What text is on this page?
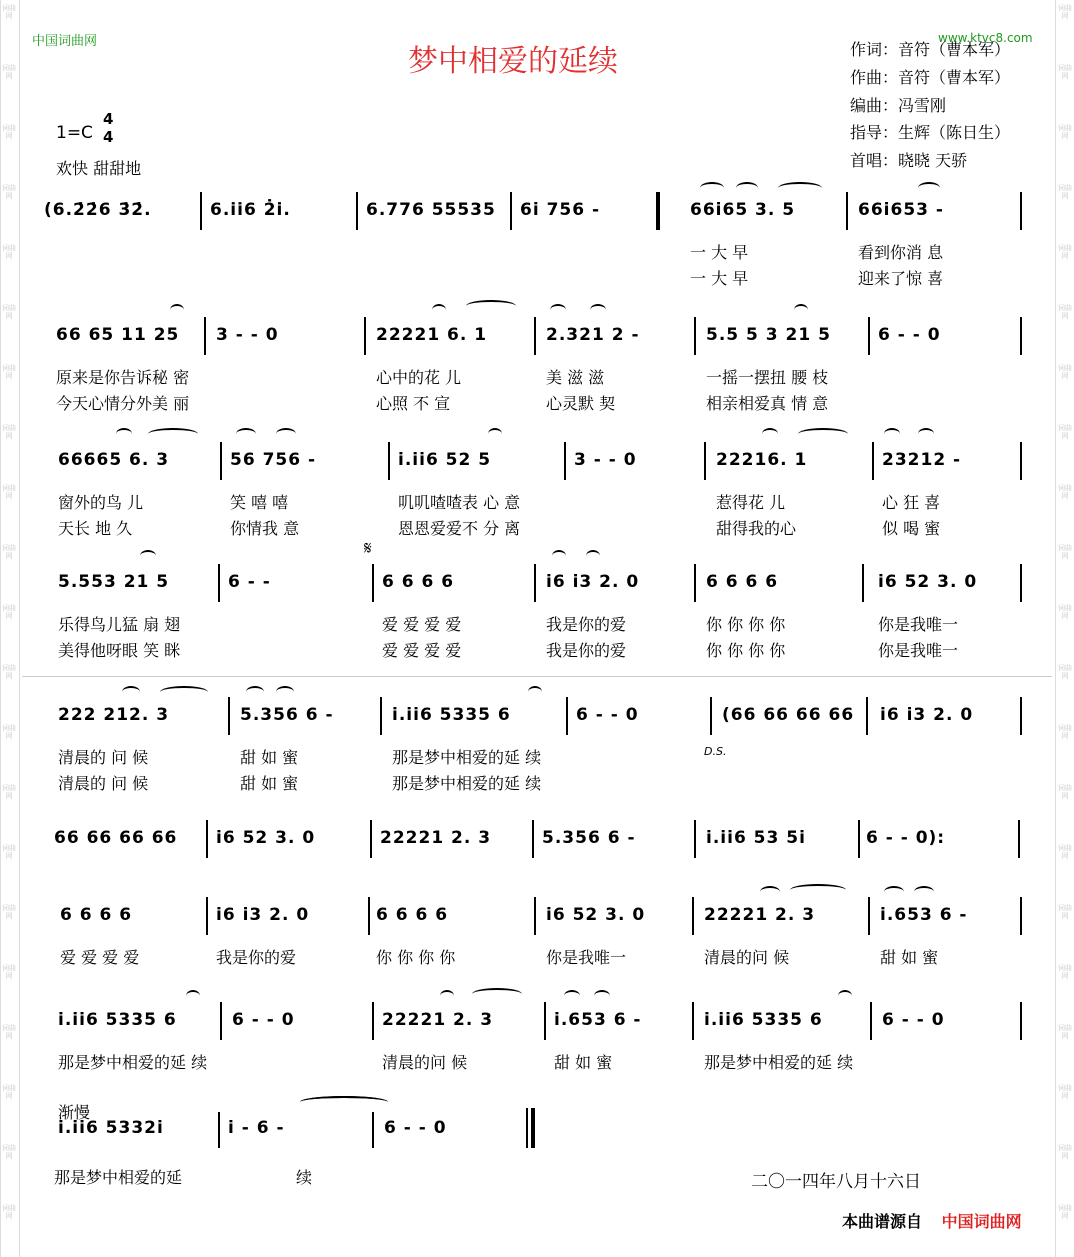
词曲网
词曲网
词曲网
词曲网
词曲网
词曲网
词曲网
词曲网
词曲网
词曲网
词曲网
词曲网
词曲网
词曲网
词曲网
词曲网
词曲网
词曲网
词曲网
词曲网
词曲网
词曲网
词曲网
词曲网
词曲网
词曲网
词曲网
词曲网
词曲网
词曲网
词曲网
词曲网
词曲网
词曲网
词曲网
词曲网
词曲网
词曲网
词曲网
词曲网
词曲网
词曲网
中国词曲网	www.ktvc8.com
梦中相爱的延续	作词：音符（曹本军）
作曲：音符（曹本军）
编曲：冯雪刚
指导：生辉（陈日生）
首唱：晓晓 天骄
1=C
4
4
欢快 甜甜地
(6.2̇2̇6 3̇2̇.	6.i̇i̇6 2̇i̇.	6.776 55535 6i 756 -	66i65 3. 5	66i653 -
一 大 早	看到你消 息
一 大 早	迎来了惊 喜
66 65 11 25 3 - - 0	22221 6. 1	2.321 2 -	5.5 5 3 21 5	6 - - 0
原来是你告诉秘 密	心中的花 儿	美 滋 滋	一摇一摆扭 腰 枝
今天心情分外美 丽	心照 不 宣	心灵默 契	相亲相爱真 情 意
66665 6. 3	56 756 -	i.ii6 52 5	3 - - 0	22216. 1	23212 -
窗外的鸟 儿	笑 嘻 嘻	叽叽喳喳表 心 意	惹得花 儿	心 狂 喜
天长 地 久	你情我 意	恩恩爱爱不 分 离	甜得我的心	似 喝 蜜
5.553 21 5	6 - -	6 6 6 6	i6 i3 2. 0	6 6 6 6	i6 52 3. 0
乐得鸟儿猛 扇 翅	爱 爱 爱 爱	我是你的爱	你 你 你 你	你是我唯一
美得他呀眼 笑 眯	爱 爱 爱 爱	我是你的爱	你 你 你 你	你是我唯一
222 212. 3	5.356 6 -	i.ii6 5335 6	6 - - 0	(66 66 66 66 i6 i3 2. 0
清晨的 问 候	甜 如 蜜	那是梦中相爱的延 续
清晨的 问 候	甜 如 蜜	那是梦中相爱的延 续
66 66 66 66 i6 52 3. 0	22221 2. 3	5.356 6 -	i.ii6 53 5i	6 - - 0):
6 6 6 6	i6 i3 2. 0	6 6 6 6	i6 52 3. 0	22221 2. 3	i.653 6 -
爱 爱 爱 爱	我是你的爱	你 你 你 你	你是我唯一	清晨的问 候	甜 如 蜜
i.ii6 5335 6	6 - - 0	22221 2. 3	i.653 6 -	i.ii6 5335 6	6 - - 0
那是梦中相爱的延 续	清晨的问 候	甜 如 蜜	那是梦中相爱的延 续
𝄋
D.S.
渐慢
i.ii6 5332i	i - 6 -	6 - - 0
那是梦中相爱的延	续	二〇一四年八月十六日
本曲谱源自 中国词曲网
